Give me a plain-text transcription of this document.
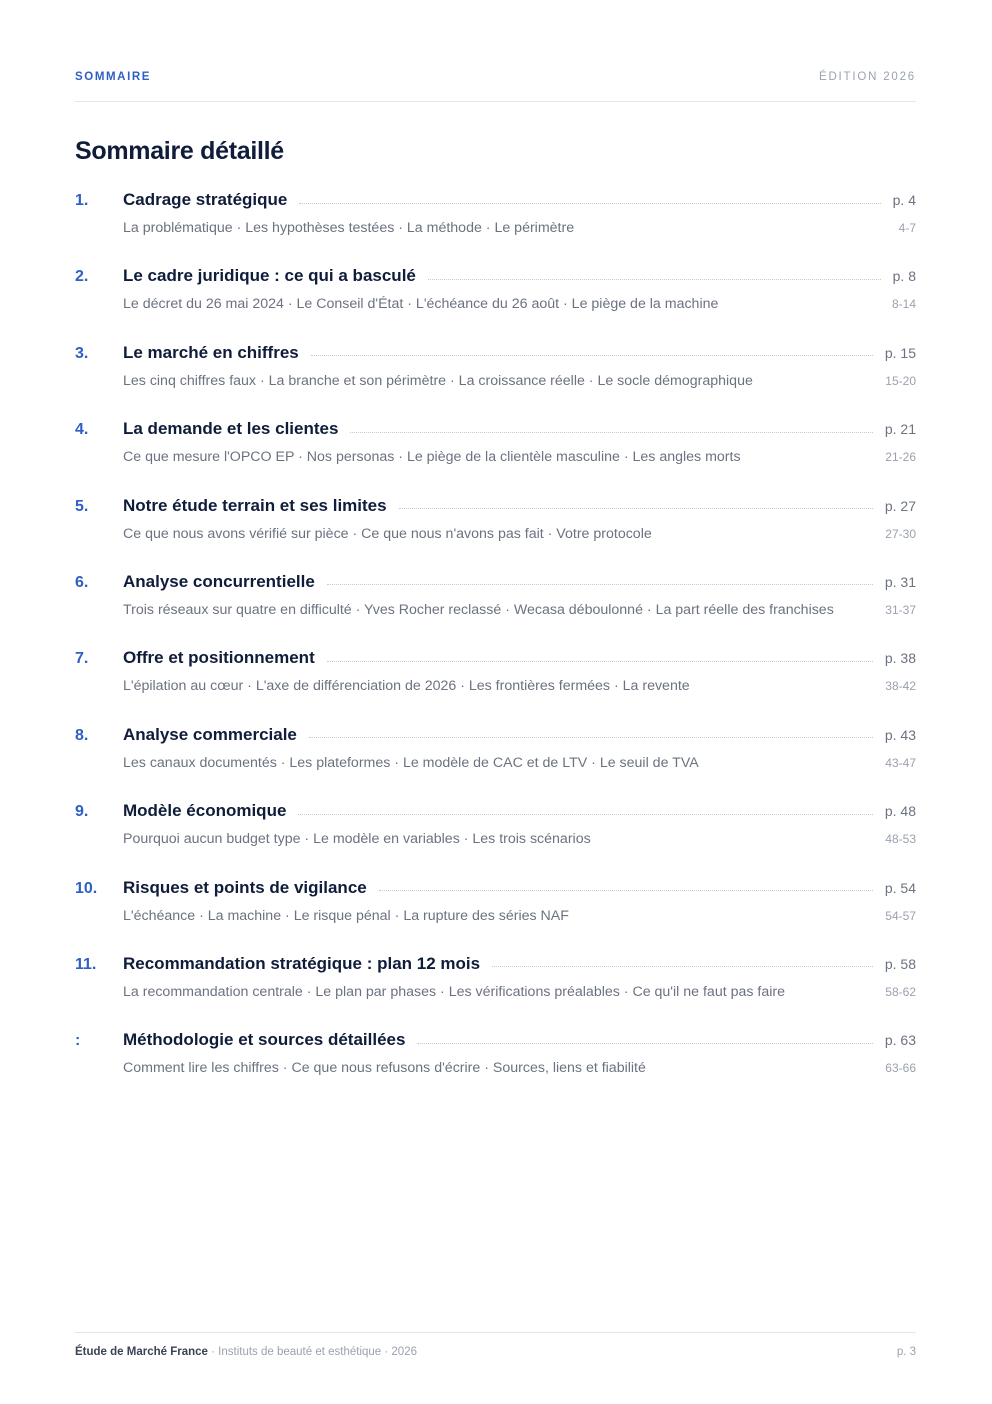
SOMMAIRE	ÉDITION 2026
Sommaire détaillé
1.	Cadrage stratégique	p. 4
La problématique · Les hypothèses testées · La méthode · Le périmètre	4-7
2.	Le cadre juridique : ce qui a basculé	p. 8
Le décret du 26 mai 2024 · Le Conseil d'État · L'échéance du 26 août · Le piège de la machine	8-14
3.	Le marché en chiffres	p. 15
Les cinq chiffres faux · La branche et son périmètre · La croissance réelle · Le socle démographique	15-20
4.	La demande et les clientes	p. 21
Ce que mesure l'OPCO EP · Nos personas · Le piège de la clientèle masculine · Les angles morts	21-26
5.	Notre étude terrain et ses limites	p. 27
Ce que nous avons vérifié sur pièce · Ce que nous n'avons pas fait · Votre protocole	27-30
6.	Analyse concurrentielle	p. 31
Trois réseaux sur quatre en difficulté · Yves Rocher reclassé · Wecasa déboulonné · La part réelle des franchises	31-37
7.	Offre et positionnement	p. 38
L'épilation au cœur · L'axe de différenciation de 2026 · Les frontières fermées · La revente	38-42
8.	Analyse commerciale	p. 43
Les canaux documentés · Les plateformes · Le modèle de CAC et de LTV · Le seuil de TVA	43-47
9.	Modèle économique	p. 48
Pourquoi aucun budget type · Le modèle en variables · Les trois scénarios	48-53
10.	Risques et points de vigilance	p. 54
L'échéance · La machine · Le risque pénal · La rupture des séries NAF	54-57
11.	Recommandation stratégique : plan 12 mois	p. 58
La recommandation centrale · Le plan par phases · Les vérifications préalables · Ce qu'il ne faut pas faire	58-62
:	Méthodologie et sources détaillées	p. 63
Comment lire les chiffres · Ce que nous refusons d'écrire · Sources, liens et fiabilité	63-66
Étude de Marché France · Instituts de beauté et esthétique · 2026	p. 3
